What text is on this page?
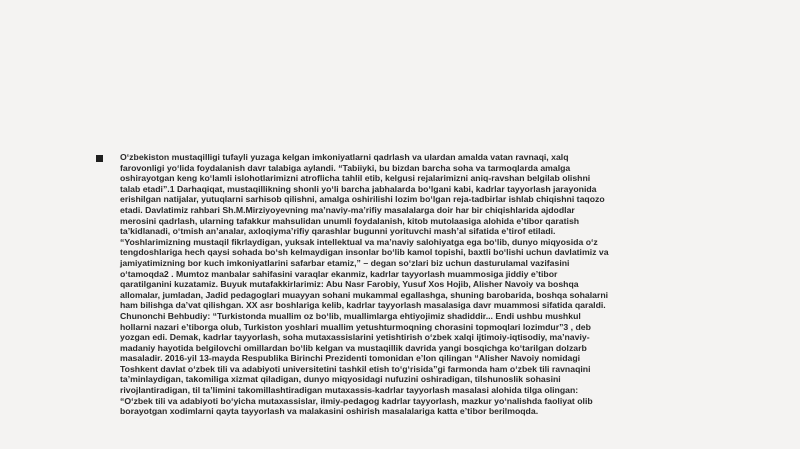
O‘zbekiston mustaqilligi tufayli yuzaga kelgan imkoniyatlarni qadrlash va ulardan amalda vatan ravnaqi, xalq
farovonligi yo‘lida foydalanish davr talabiga aylandi. “Tabiiyki, bu bizdan barcha soha va tarmoqlarda amalga
oshirayotgan keng ko‘lamli islohotlarimizni atroflicha tahlil etib, kelgusi rejalarimizni aniq-ravshan belgilab olishni
talab etadi”.1 Darhaqiqat, mustaqillikning shonli yo‘li barcha jabhalarda bo‘lgani kabi, kadrlar tayyorlash jarayonida
erishilgan natijalar, yutuqlarni sarhisob qilishni, amalga oshirilishi lozim bo‘lgan reja-tadbirlar ishlab chiqishni taqozo
etadi. Davlatimiz rahbari Sh.M.Mirziyoyevning ma’naviy-ma’rifiy masalalarga doir har bir chiqishlarida ajdodlar
merosini qadrlash, ularning tafakkur mahsulidan unumli foydalanish, kitob mutolaasiga alohida e’tibor qaratish
ta’kidlanadi, o‘tmish an’analar, axloqiyma’rifiy qarashlar bugunni yorituvchi mash’al sifatida e’tirof etiladi.
“Yoshlarimizning mustaqil fikrlaydigan, yuksak intellektual va ma’naviy salohiyatga ega bo‘lib, dunyo miqyosida o‘z
tengdoshlariga hech qaysi sohada bo‘sh kelmaydigan insonlar bo‘lib kamol topishi, baxtli bo‘lishi uchun davlatimiz va
jamiyatimizning bor kuch imkoniyatlarini safarbar etamiz,” – degan so‘zlari biz uchun dasturulamal vazifasini
o‘tamoqda2 . Mumtoz manbalar sahifasini varaqlar ekanmiz, kadrlar tayyorlash muammosiga jiddiy e’tibor
qaratilganini kuzatamiz. Buyuk mutafakkirlarimiz: Abu Nasr Farobiy, Yusuf Xos Hojib, Alisher Navoiy va boshqa
allomalar, jumladan, Jadid pedagoglari muayyan sohani mukammal egallashga, shuning barobarida, boshqa sohalarni
ham bilishga da’vat qilishgan. XX asr boshlariga kelib, kadrlar tayyorlash masalasiga davr muammosi sifatida qaraldi.
Chunonchi Behbudiy: “Turkistonda muallim oz bo‘lib, muallimlarga ehtiyojimiz shadiddir... Endi ushbu mushkul
hollarni nazari e’tiborga olub, Turkiston yoshlari muallim yetushturmoqning chorasini topmoqlari lozimdur”3 , deb
yozgan edi. Demak, kadrlar tayyorlash, soha mutaxassislarini yetishtirish o‘zbek xalqi ijtimoiy-iqtisodiy, ma’naviy-
madaniy hayotida belgilovchi omillardan bo‘lib kelgan va mustaqillik davrida yangi bosqichga ko‘tarilgan dolzarb
masaladir. 2016-yil 13-mayda Respublika Birinchi Prezidenti tomonidan e’lon qilingan “Alisher Navoiy nomidagi
Toshkent davlat o‘zbek tili va adabiyoti universitetini tashkil etish to‘g‘risida”gi farmonda ham o‘zbek tili ravnaqini
ta’minlaydigan, takomiliga xizmat qiladigan, dunyo miqyosidagi nufuzini oshiradigan, tilshunoslik sohasini
rivojlantiradigan, til ta’limini takomillashtiradigan mutaxassis-kadrlar tayyorlash masalasi alohida tilga olingan:
“O‘zbek tili va adabiyoti bo‘yicha mutaxassislar, ilmiy-pedagog kadrlar tayyorlash, mazkur yo‘nalishda faoliyat olib
borayotgan xodimlarni qayta tayyorlash va malakasini oshirish masalalariga katta e’tibor berilmoqda.
